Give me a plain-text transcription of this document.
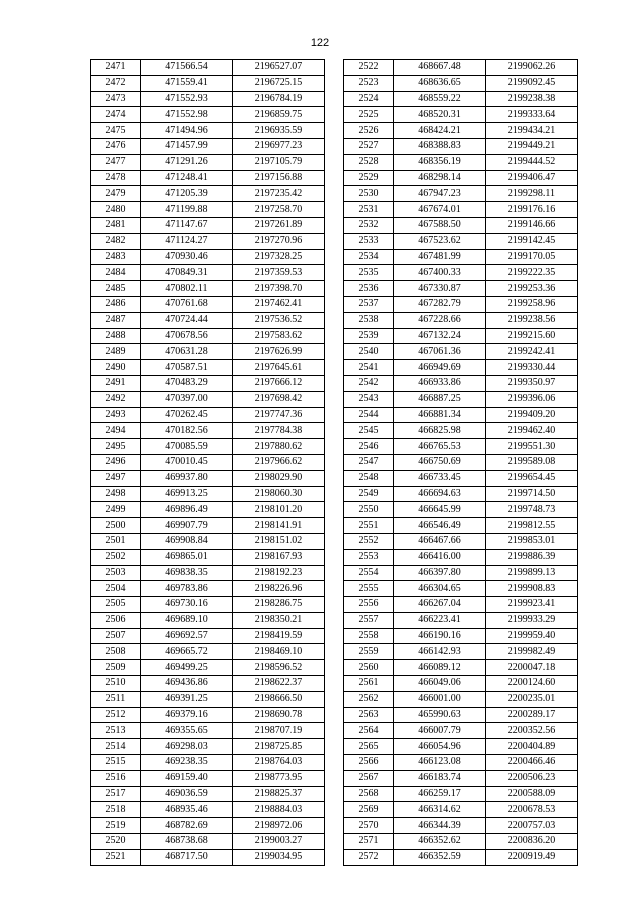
122
2471	471566.54	2196527.07
2472	471559.41	2196725.15
2473	471552.93	2196784.19
2474	471552.98	2196859.75
2475	471494.96	2196935.59
2476	471457.99	2196977.23
2477	471291.26	2197105.79
2478	471248.41	2197156.88
2479	471205.39	2197235.42
2480	471199.88	2197258.70
2481	471147.67	2197261.89
2482	471124.27	2197270.96
2483	470930.46	2197328.25
2484	470849.31	2197359.53
2485	470802.11	2197398.70
2486	470761.68	2197462.41
2487	470724.44	2197536.52
2488	470678.56	2197583.62
2489	470631.28	2197626.99
2490	470587.51	2197645.61
2491	470483.29	2197666.12
2492	470397.00	2197698.42
2493	470262.45	2197747.36
2494	470182.56	2197784.38
2495	470085.59	2197880.62
2496	470010.45	2197966.62
2497	469937.80	2198029.90
2498	469913.25	2198060.30
2499	469896.49	2198101.20
2500	469907.79	2198141.91
2501	469908.84	2198151.02
2502	469865.01	2198167.93
2503	469838.35	2198192.23
2504	469783.86	2198226.96
2505	469730.16	2198286.75
2506	469689.10	2198350.21
2507	469692.57	2198419.59
2508	469665.72	2198469.10
2509	469499.25	2198596.52
2510	469436.86	2198622.37
2511	469391.25	2198666.50
2512	469379.16	2198690.78
2513	469355.65	2198707.19
2514	469298.03	2198725.85
2515	469238.35	2198764.03
2516	469159.40	2198773.95
2517	469036.59	2198825.37
2518	468935.46	2198884.03
2519	468782.69	2198972.06
2520	468738.68	2199003.27
2521	468717.50	2199034.95
2522	468667.48	2199062.26
2523	468636.65	2199092.45
2524	468559.22	2199238.38
2525	468520.31	2199333.64
2526	468424.21	2199434.21
2527	468388.83	2199449.21
2528	468356.19	2199444.52
2529	468298.14	2199406.47
2530	467947.23	2199298.11
2531	467674.01	2199176.16
2532	467588.50	2199146.66
2533	467523.62	2199142.45
2534	467481.99	2199170.05
2535	467400.33	2199222.35
2536	467330.87	2199253.36
2537	467282.79	2199258.96
2538	467228.66	2199238.56
2539	467132.24	2199215.60
2540	467061.36	2199242.41
2541	466949.69	2199330.44
2542	466933.86	2199350.97
2543	466887.25	2199396.06
2544	466881.34	2199409.20
2545	466825.98	2199462.40
2546	466765.53	2199551.30
2547	466750.69	2199589.08
2548	466733.45	2199654.45
2549	466694.63	2199714.50
2550	466645.99	2199748.73
2551	466546.49	2199812.55
2552	466467.66	2199853.01
2553	466416.00	2199886.39
2554	466397.80	2199899.13
2555	466304.65	2199908.83
2556	466267.04	2199923.41
2557	466223.41	2199933.29
2558	466190.16	2199959.40
2559	466142.93	2199982.49
2560	466089.12	2200047.18
2561	466049.06	2200124.60
2562	466001.00	2200235.01
2563	465990.63	2200289.17
2564	466007.79	2200352.56
2565	466054.96	2200404.89
2566	466123.08	2200466.46
2567	466183.74	2200506.23
2568	466259.17	2200588.09
2569	466314.62	2200678.53
2570	466344.39	2200757.03
2571	466352.62	2200836.20
2572	466352.59	2200919.49
